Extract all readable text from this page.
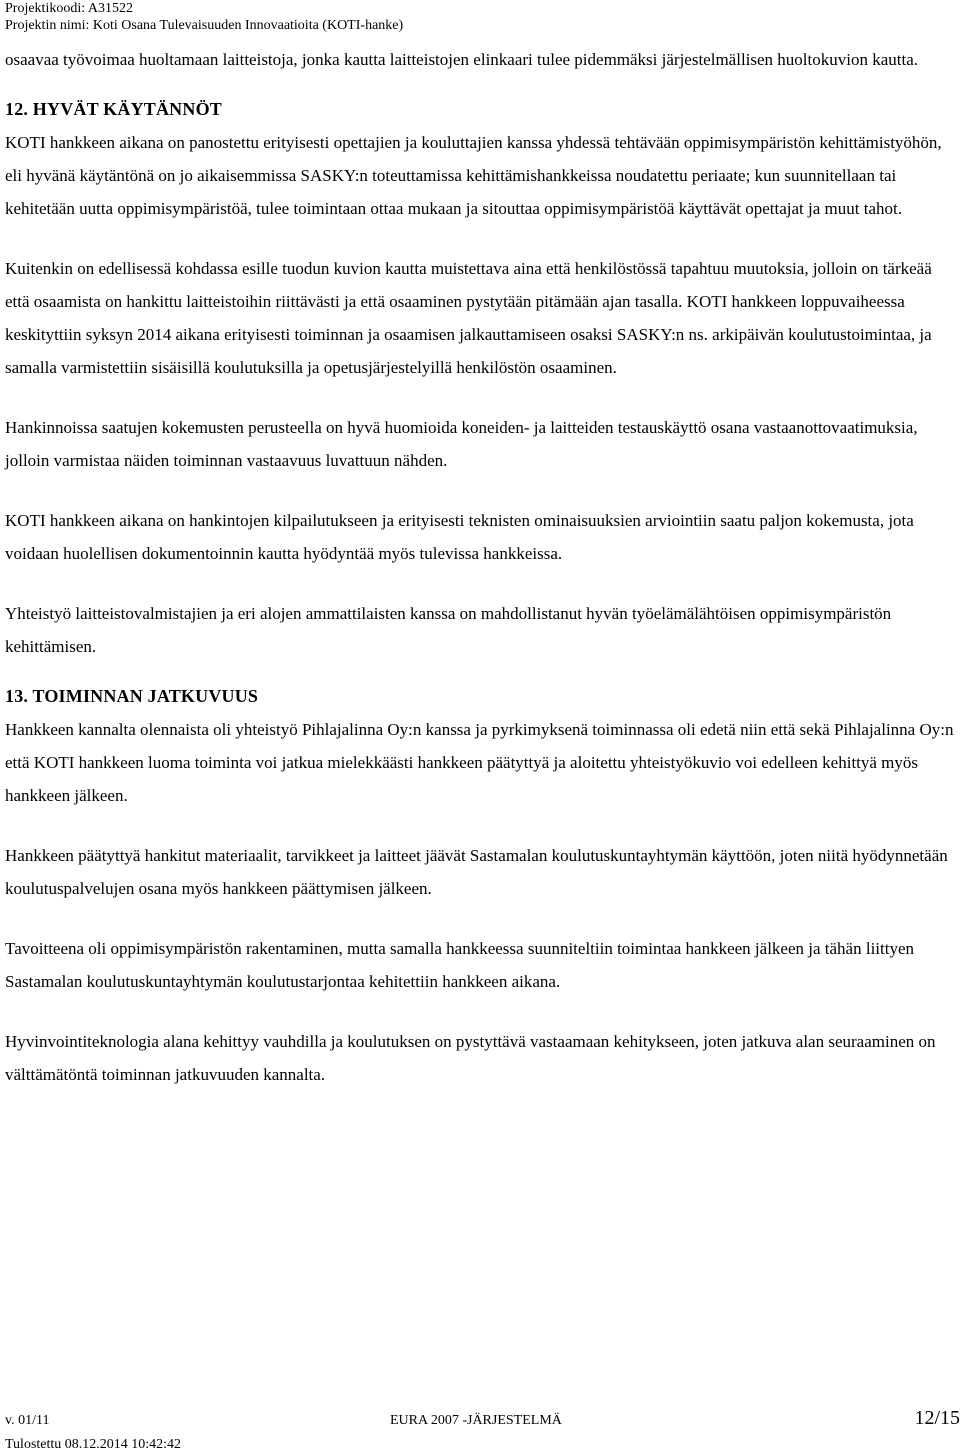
Projektikoodi: A31522
Projektin nimi: Koti Osana Tulevaisuuden Innovaatioita (KOTI-hanke)

osaavaa työvoimaa huoltamaan laitteistoja, jonka kautta laitteistojen elinkaari tulee pidemmäksi järjestelmällisen huoltokuvion kautta.

12. HYVÄT KÄYTÄNNÖT

KOTI hankkeen aikana on panostettu erityisesti opettajien ja kouluttajien kanssa yhdessä tehtävään oppimisympäristön kehittämistyöhön, eli hyvänä käytäntönä on jo aikaisemmissa SASKY:n toteuttamissa kehittämishankkeissa noudatettu periaate; kun suunnitellaan tai kehitetään uutta oppimisympäristöä, tulee toimintaan ottaa mukaan ja sitouttaa oppimisympäristöä käyttävät opettajat ja muut tahot.

Kuitenkin on edellisessä kohdassa esille tuodun kuvion kautta muistettava aina että henkilöstössä tapahtuu muutoksia, jolloin on tärkeää että osaamista on hankittu laitteistoihin riittävästi ja että osaaminen pystytään pitämään ajan tasalla. KOTI hankkeen loppuvaiheessa keskityttiin syksyn 2014 aikana erityisesti toiminnan ja osaamisen jalkauttamiseen osaksi SASKY:n ns. arkipäivän koulutustoimintaa, ja samalla varmistettiin sisäisillä koulutuksilla ja opetusjärjestelyillä henkilöstön osaaminen.

Hankinnoissa saatujen kokemusten perusteella on hyvä huomioida koneiden- ja laitteiden testauskäyttö osana vastaanottovaatimuksia, jolloin varmistaa näiden toiminnan vastaavuus luvattuun nähden.

KOTI hankkeen aikana on hankintojen kilpailutukseen ja erityisesti teknisten ominaisuuksien arviointiin saatu paljon kokemusta, jota voidaan huolellisen dokumentoinnin kautta hyödyntää myös tulevissa hankkeissa.

Yhteistyö laitteistovalmistajien ja eri alojen ammattilaisten kanssa on mahdollistanut hyvän työelämälähtöisen oppimisympäristön kehittämisen.

13. TOIMINNAN JATKUVUUS

Hankkeen kannalta olennaista oli yhteistyö Pihlajalinna Oy:n kanssa ja pyrkimyksenä toiminnassa oli edetä niin että sekä Pihlajalinna Oy:n että KOTI hankkeen luoma toiminta voi jatkua mielekkäästi hankkeen päätyttyä ja aloitettu yhteistyökuvio voi edelleen kehittyä myös hankkeen jälkeen.

Hankkeen päätyttyä hankitut materiaalit, tarvikkeet ja laitteet jäävät Sastamalan koulutuskuntayhtymän käyttöön, joten niitä hyödynnetään koulutuspalvelujen osana myös hankkeen päättymisen jälkeen.

Tavoitteena oli oppimisympäristön rakentaminen, mutta samalla hankkeessa suunniteltiin toimintaa hankkeen jälkeen ja tähän liittyen Sastamalan koulutuskuntayhtymän koulutustarjontaa kehitettiin hankkeen aikana.

Hyvinvointiteknologia alana kehittyy vauhdilla ja koulutuksen on pystyttävä vastaamaan kehitykseen, joten jatkuva alan seuraaminen on välttämätöntä toiminnan jatkuvuuden kannalta.

v. 01/11	EURA 2007 -JÄRJESTELMÄ	12/15
Tulostettu 08.12.2014 10:42:42
